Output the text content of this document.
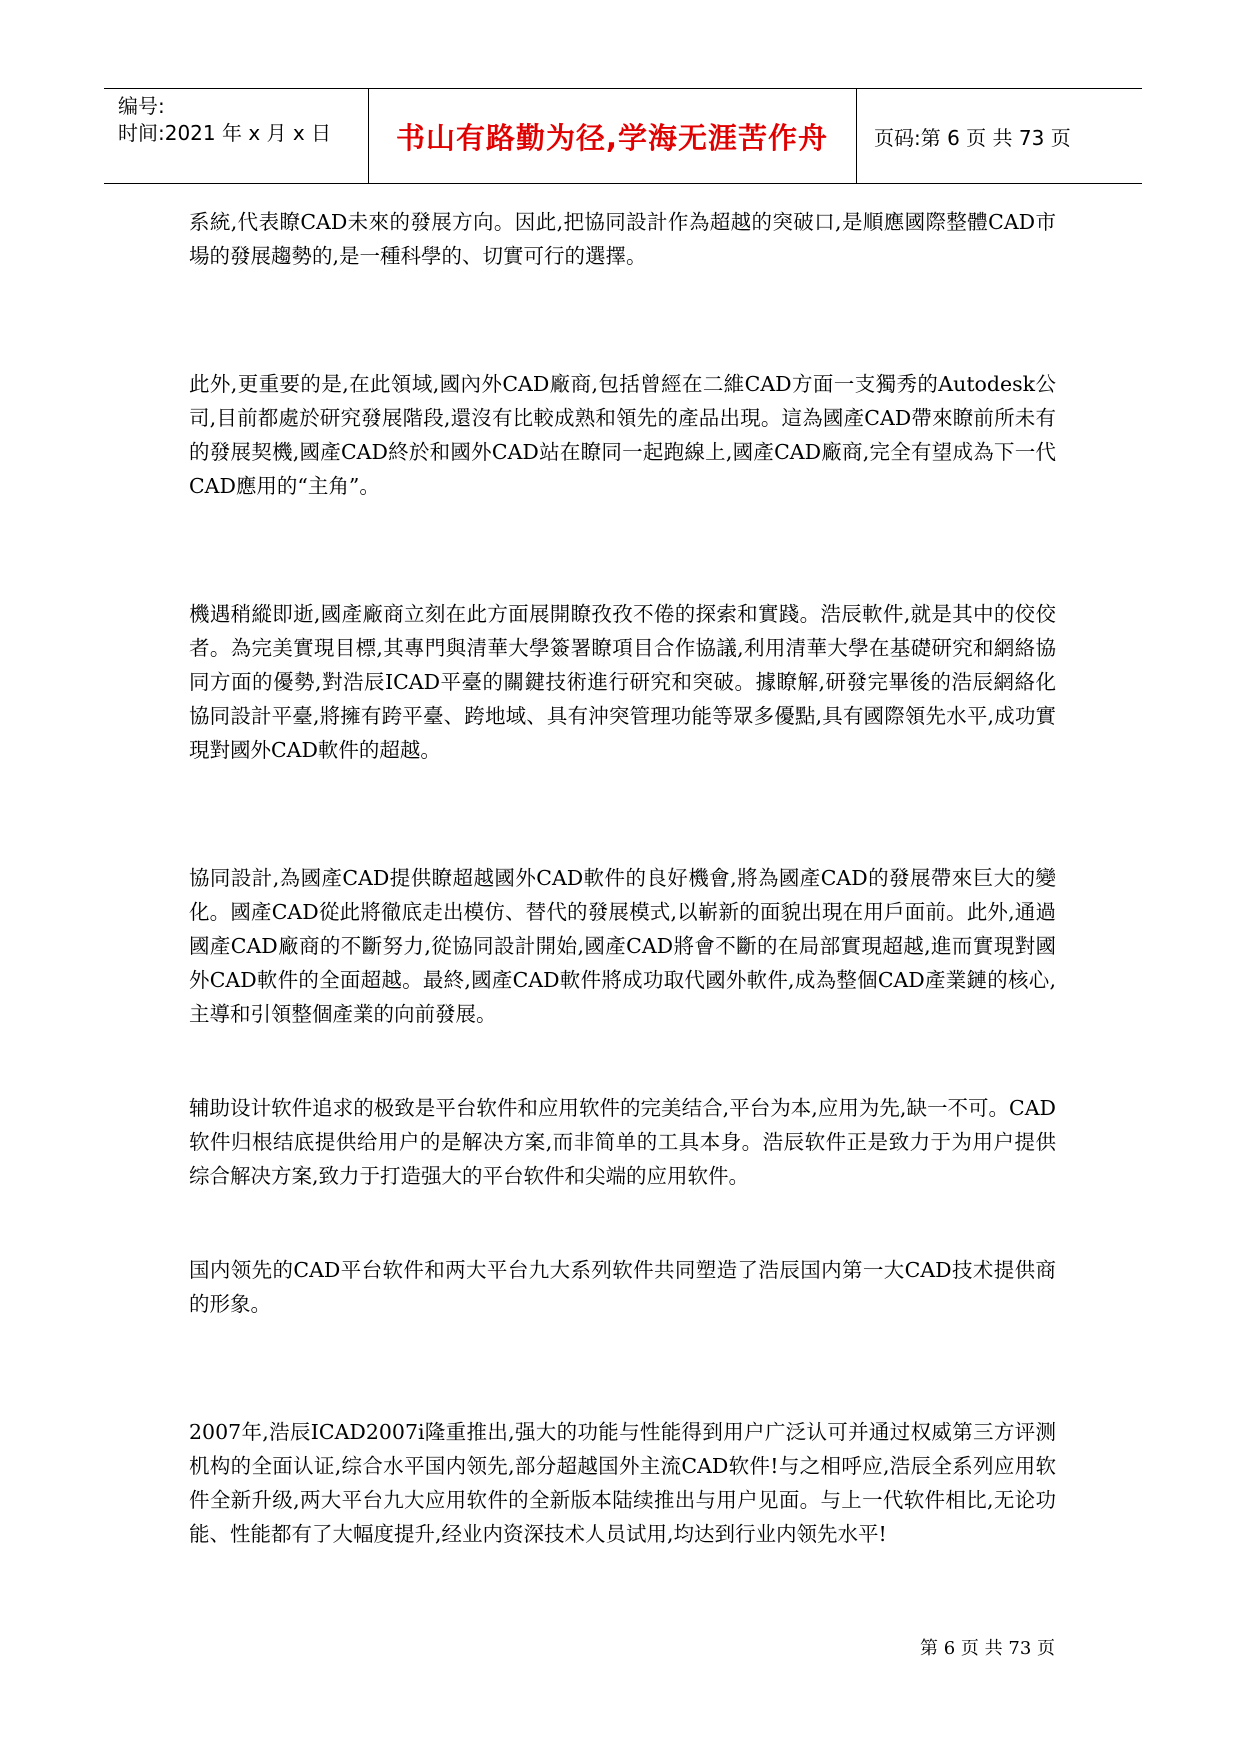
编号:
时间:2021 年 x 月 x 日 书山有路勤为径,学海无涯苦作舟 页码:第 6 页 共 73 页

系統,代表瞭CAD未來的發展方向。因此,把協同設計作為超越的突破口,是順應國際整體CAD市場的發展趨勢的,是一種科學的、切實可行的選擇。

此外,更重要的是,在此領域,國內外CAD廠商,包括曾經在二維CAD方面一支獨秀的Autodesk公司,目前都處於研究發展階段,還沒有比較成熟和領先的產品出現。這為國產CAD帶來瞭前所未有的發展契機,國產CAD終於和國外CAD站在瞭同一起跑線上,國產CAD廠商,完全有望成為下一代CAD應用的“主角”。

機遇稍縱即逝,國產廠商立刻在此方面展開瞭孜孜不倦的探索和實踐。浩辰軟件,就是其中的佼佼者。為完美實現目標,其專門與清華大學簽署瞭項目合作協議,利用清華大學在基礎研究和網絡協同方面的優勢,對浩辰ICAD平臺的關鍵技術進行研究和突破。據瞭解,研發完畢後的浩辰網絡化協同設計平臺,將擁有跨平臺、跨地域、具有沖突管理功能等眾多優點,具有國際領先水平,成功實現對國外CAD軟件的超越。

協同設計,為國產CAD提供瞭超越國外CAD軟件的良好機會,將為國產CAD的發展帶來巨大的變化。國產CAD從此將徹底走出模仿、替代的發展模式,以嶄新的面貌出現在用戶面前。此外,通過國產CAD廠商的不斷努力,從協同設計開始,國產CAD將會不斷的在局部實現超越,進而實現對國外CAD軟件的全面超越。最終,國產CAD軟件將成功取代國外軟件,成為整個CAD產業鏈的核心,主導和引領整個產業的向前發展。

辅助设计软件追求的极致是平台软件和应用软件的完美结合,平台为本,应用为先,缺一不可。CAD软件归根结底提供给用户的是解决方案,而非简单的工具本身。浩辰软件正是致力于为用户提供综合解决方案,致力于打造强大的平台软件和尖端的应用软件。

国内领先的CAD平台软件和两大平台九大系列软件共同塑造了浩辰国内第一大CAD技术提供商的形象。

2007年,浩辰ICAD2007i隆重推出,强大的功能与性能得到用户广泛认可并通过权威第三方评测机构的全面认证,综合水平国内领先,部分超越国外主流CAD软件!与之相呼应,浩辰全系列应用软件全新升级,两大平台九大应用软件的全新版本陆续推出与用户见面。与上一代软件相比,无论功能、性能都有了大幅度提升,经业内资深技术人员试用,均达到行业内领先水平!

第 6 页 共 73 页
